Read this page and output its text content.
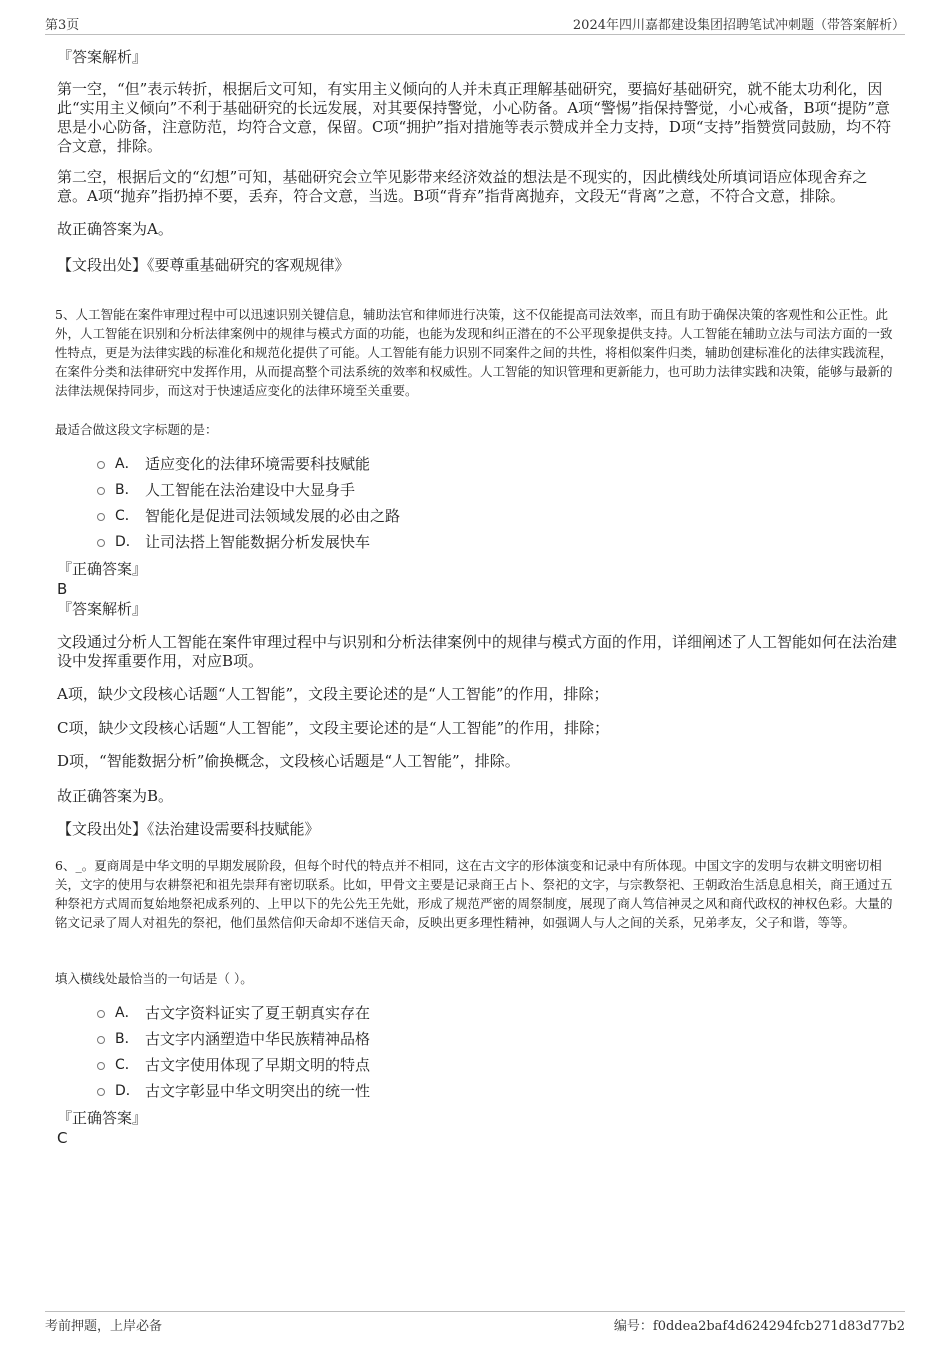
第3页	2024年四川嘉都建设集团招聘笔试冲刺题（带答案解析）
『答案解析』

第一空，“但”表示转折，根据后文可知，有实用主义倾向的人并未真正理解基础研究，要搞好基础研究，就不能太功利化，因此“实用主义倾向”不利于基础研究的长远发展，对其要保持警觉，小心防备。A项“警惕”指保持警觉，小心戒备，B项“提防”意思是小心防备，注意防范，均符合文意，保留。C项“拥护”指对措施等表示赞成并全力支持，D项“支持”指赞赏同鼓励，均不符合文意，排除。

第二空，根据后文的“幻想”可知，基础研究会立竿见影带来经济效益的想法是不现实的，因此横线处所填词语应体现舍弃之意。A项“抛弃”指扔掉不要，丢弃，符合文意，当选。B项“背弃”指背离抛弃，文段无“背离”之意，不符合文意，排除。

故正确答案为A。

【文段出处】《要尊重基础研究的客观规律》

5、人工智能在案件审理过程中可以迅速识别关键信息，辅助法官和律师进行决策，这不仅能提高司法效率，而且有助于确保决策的客观性和公正性。此外，人工智能在识别和分析法律案例中的规律与模式方面的功能，也能为发现和纠正潜在的不公平现象提供支持。人工智能在辅助立法与司法方面的一致性特点，更是为法律实践的标准化和规范化提供了可能。人工智能有能力识别不同案件之间的共性，将相似案件归类，辅助创建标准化的法律实践流程，在案件分类和法律研究中发挥作用，从而提高整个司法系统的效率和权威性。人工智能的知识管理和更新能力，也可助力法律实践和决策，能够与最新的法律法规保持同步，而这对于快速适应变化的法律环境至关重要。

最适合做这段文字标题的是：

A． 适应变化的法律环境需要科技赋能
B． 人工智能在法治建设中大显身手
C． 智能化是促进司法领域发展的必由之路
D． 让司法搭上智能数据分析发展快车
『正确答案』
B
『答案解析』

文段通过分析人工智能在案件审理过程中与识别和分析法律案例中的规律与模式方面的作用，详细阐述了人工智能如何在法治建设中发挥重要作用，对应B项。

A项，缺少文段核心话题“人工智能”，文段主要论述的是“人工智能”的作用，排除；

C项，缺少文段核心话题“人工智能”，文段主要论述的是“人工智能”的作用，排除；

D项，“智能数据分析”偷换概念，文段核心话题是“人工智能”，排除。

故正确答案为B。

【文段出处】《法治建设需要科技赋能》

6、_。夏商周是中华文明的早期发展阶段，但每个时代的特点并不相同，这在古文字的形体演变和记录中有所体现。中国文字的发明与农耕文明密切相关，文字的使用与农耕祭祀和祖先崇拜有密切联系。比如，甲骨文主要是记录商王占卜、祭祀的文字，与宗教祭祀、王朝政治生活息息相关，商王通过五种祭祀方式周而复始地祭祀成系列的、上甲以下的先公先王先妣，形成了规范严密的周祭制度，展现了商人笃信神灵之风和商代政权的神权色彩。大量的铭文记录了周人对祖先的祭祀，他们虽然信仰天命却不迷信天命，反映出更多理性精神，如强调人与人之间的关系，兄弟孝友，父子和谐，等等。

填入横线处最恰当的一句话是（ ）。

A． 古文字资料证实了夏王朝真实存在
B． 古文字内涵塑造中华民族精神品格
C． 古文字使用体现了早期文明的特点
D． 古文字彰显中华文明突出的统一性
『正确答案』
C
考前押题，上岸必备	编号：f0ddea2baf4d624294fcb271d83d77b2
